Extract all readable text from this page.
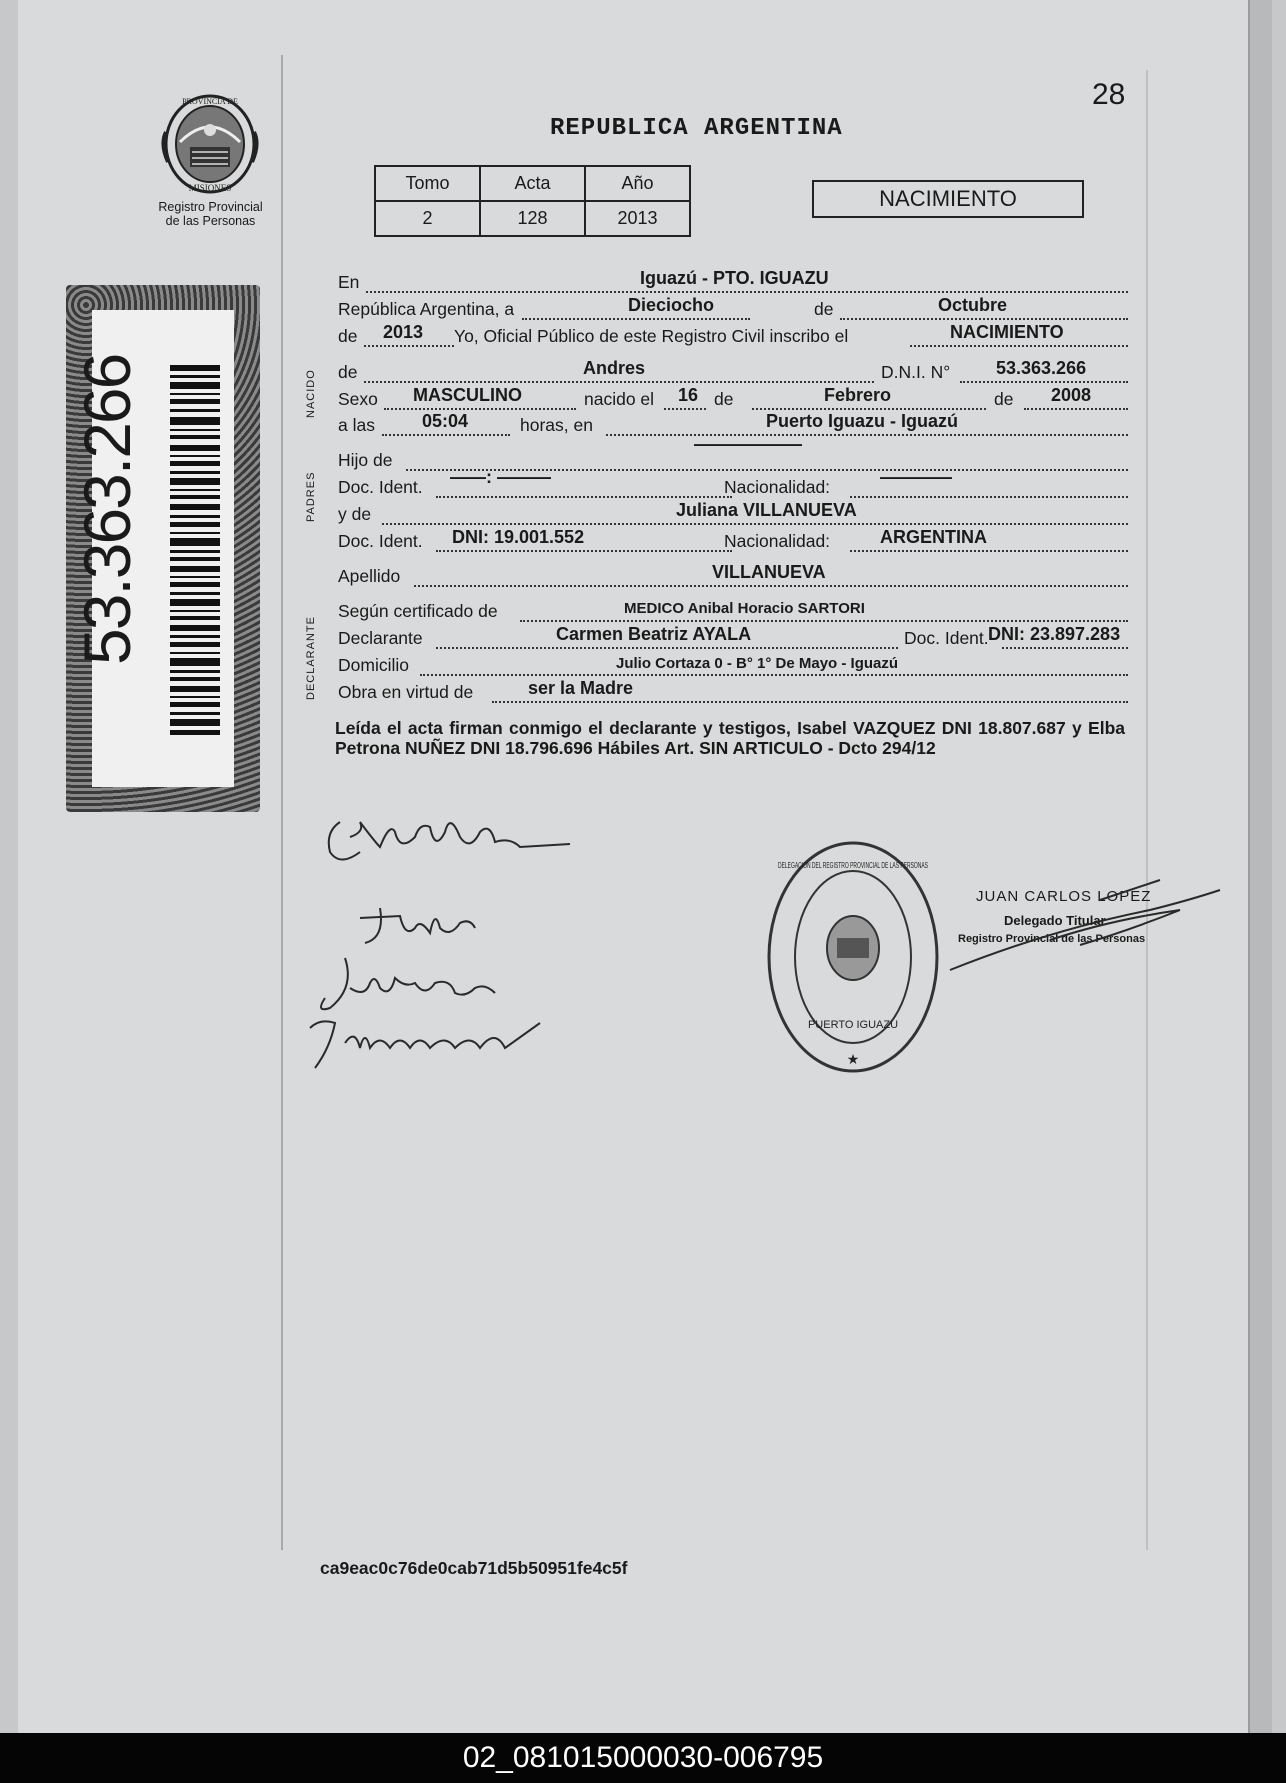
PROVINCIA DE
MISIONES
Registro Provincial
de las Personas
28
REPUBLICA ARGENTINA
Tomo	Acta	Año
2	128	2013
NACIMIENTO
53.363.266	NACIDO
PADRES
DECLARANTE
En	Iguazú - PTO. IGUAZU
República Argentina, a	Dieciocho	de	Octubre
de 2013 Yo, Oficial Público de este Registro Civil inscribo el	NACIMIENTO
de	Andres	D.N.I. N°	53.363.266
Sexo MASCULINO	nacido el 16 de	Febrero	de 2008
a las	05:04	horas, en	Puerto Iguazu - Iguazú
Hijo de
——————
Doc. Ident. ——: ———	Nacionalidad:	————
y de	Juliana VILLANUEVA
Doc. Ident. DNI: 19.001.552	Nacionalidad:	ARGENTINA
Apellido	VILLANUEVA
Según certificado de	MEDICO Anibal Horacio SARTORI
Declarante	Carmen Beatriz AYALA	Doc. Ident. DNI: 23.897.283
Domicilio	Julio Cortaza 0 - B° 1° De Mayo - Iguazú
Obra en virtud de	ser la Madre
Leída el acta firman conmigo el declarante y testigos, Isabel VAZQUEZ DNI 18.807.687 y Elba Petrona NUÑEZ DNI 18.796.696 Hábiles Art. SIN ARTICULO - Dcto 294/12
PUERTO IGUAZU
DELEGACION DEL REGISTRO PROVINCIAL DE LAS PERSONAS
★
JUAN CARLOS LOPEZ
Delegado Titular
Registro Provincial de las Personas
ca9eac0c76de0cab71d5b50951fe4c5f
02_081015000030-006795
